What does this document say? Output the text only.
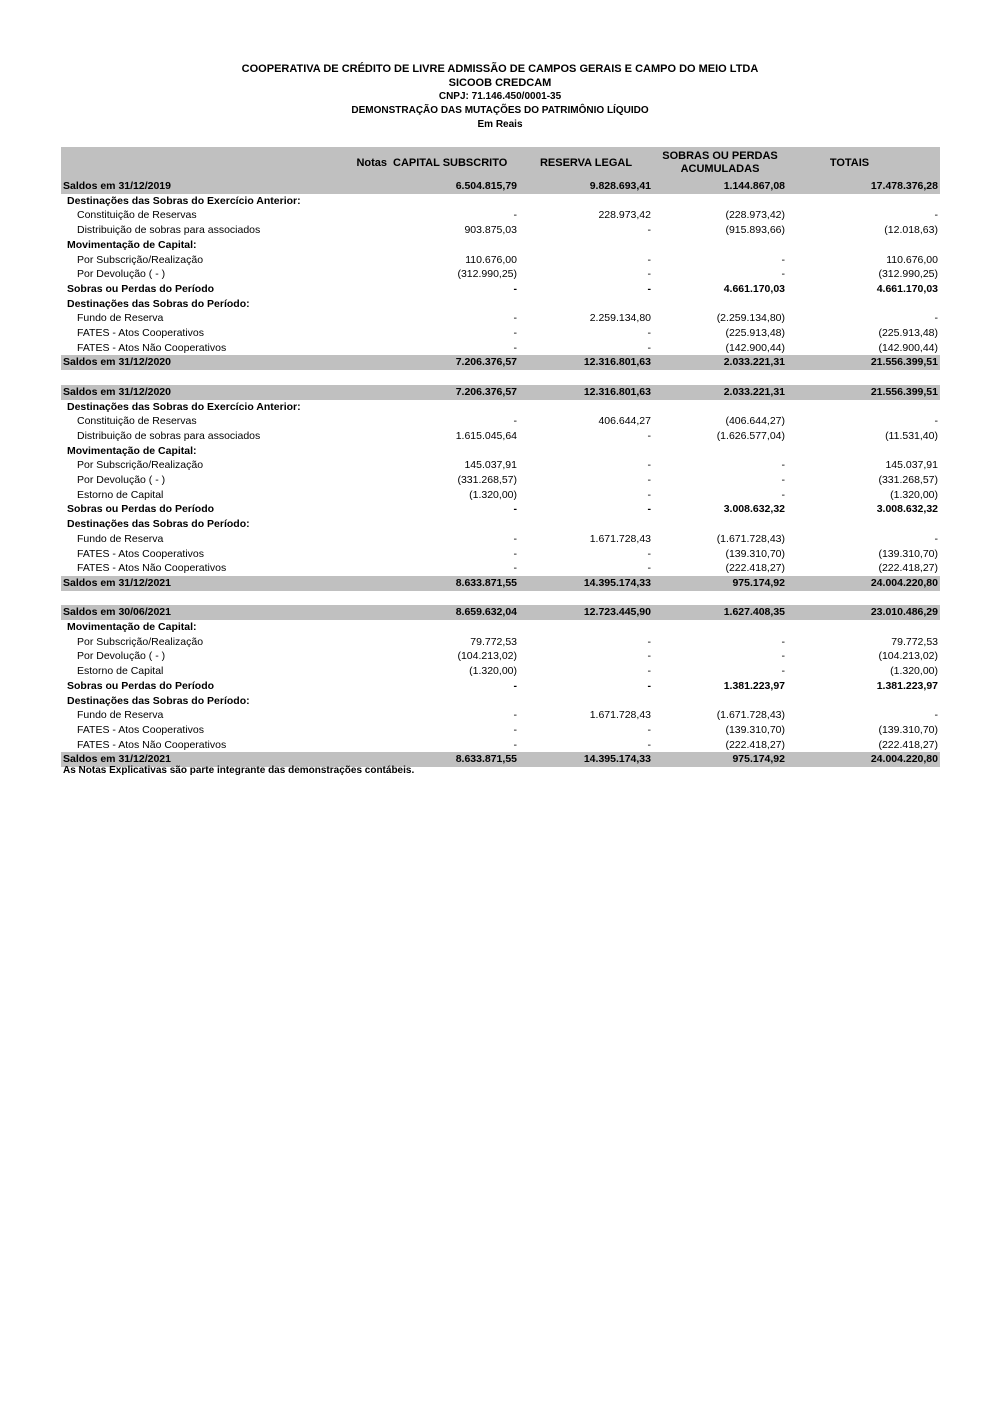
COOPERATIVA DE CRÉDITO DE LIVRE ADMISSÃO DE CAMPOS GERAIS E CAMPO DO MEIO LTDA
SICOOB CREDCAM
CNPJ: 71.146.450/0001-35
DEMONSTRAÇÃO DAS MUTAÇÕES DO PATRIMÔNIO LÍQUIDO
Em Reais
	Notas	CAPITAL SUBSCRITO	RESERVA LEGAL	SOBRAS OU PERDAS
ACUMULADAS	TOTAIS
Saldos em 31/12/2019		6.504.815,79	9.828.693,41	1.144.867,08	17.478.376,28
Destinações das Sobras do Exercício Anterior:					
Constituição de Reservas		-	228.973,42	(228.973,42)	-
Distribuição de sobras para associados		903.875,03	-	(915.893,66)	(12.018,63)
Movimentação de Capital:					
Por Subscrição/Realização		110.676,00	-	-	110.676,00
Por Devolução ( - )		(312.990,25)	-	-	(312.990,25)
Sobras ou Perdas do Período		-	-	4.661.170,03	4.661.170,03
Destinações das Sobras do Período:					
Fundo de Reserva		-	2.259.134,80	(2.259.134,80)	-
FATES - Atos Cooperativos		-	-	(225.913,48)	(225.913,48)
FATES - Atos Não Cooperativos		-	-	(142.900,44)	(142.900,44)
Saldos em 31/12/2020		7.206.376,57	12.316.801,63	2.033.221,31	21.556.399,51

Saldos em 31/12/2020		7.206.376,57	12.316.801,63	2.033.221,31	21.556.399,51
Destinações das Sobras do Exercício Anterior:					
Constituição de Reservas		-	406.644,27	(406.644,27)	-
Distribuição de sobras para associados		1.615.045,64	-	(1.626.577,04)	(11.531,40)
Movimentação de Capital:					
Por Subscrição/Realização		145.037,91	-	-	145.037,91
Por Devolução ( - )		(331.268,57)	-	-	(331.268,57)
Estorno de Capital		(1.320,00)	-	-	(1.320,00)
Sobras ou Perdas do Período		-	-	3.008.632,32	3.008.632,32
Destinações das Sobras do Período:					
Fundo de Reserva		-	1.671.728,43	(1.671.728,43)	-
FATES - Atos Cooperativos		-	-	(139.310,70)	(139.310,70)
FATES - Atos Não Cooperativos		-	-	(222.418,27)	(222.418,27)
Saldos em 31/12/2021		8.633.871,55	14.395.174,33	975.174,92	24.004.220,80

Saldos em 30/06/2021		8.659.632,04	12.723.445,90	1.627.408,35	23.010.486,29
Movimentação de Capital:					
Por Subscrição/Realização		79.772,53	-	-	79.772,53
Por Devolução ( - )		(104.213,02)	-	-	(104.213,02)
Estorno de Capital		(1.320,00)	-	-	(1.320,00)
Sobras ou Perdas do Período		-	-	1.381.223,97	1.381.223,97
Destinações das Sobras do Período:					
Fundo de Reserva		-	1.671.728,43	(1.671.728,43)	-
FATES - Atos Cooperativos		-	-	(139.310,70)	(139.310,70)
FATES - Atos Não Cooperativos		-	-	(222.418,27)	(222.418,27)
Saldos em 31/12/2021		8.633.871,55	14.395.174,33	975.174,92	24.004.220,80
As Notas Explicativas são parte integrante das demonstrações contábeis.
